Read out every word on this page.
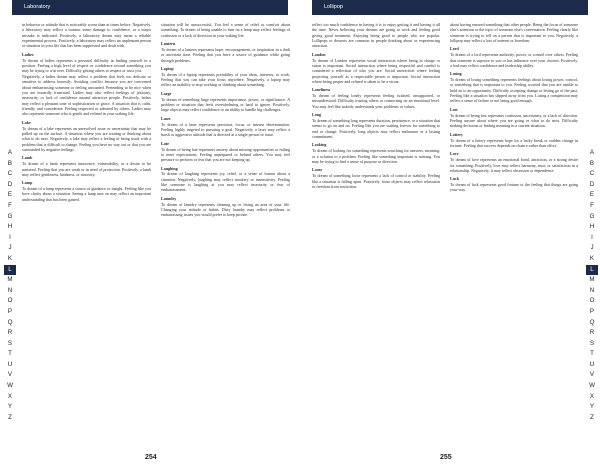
Laboratory
A
B
C
D
E
F
G
H
I
J
K
L
M
N
O
P
Q
R
S
T
U
V
W
X
Y
Z

in behavior or attitude that is noticeably worse than at times before. Negatively, a laboratory may reflect a trauma, some damage to confidence, or a major mistake is indicated. Positively, a laboratory dream may mean a reliable experimental process. Positively, a laboratory may reflect an unpleasant person or situation in your life that has been suppressed and dealt with.

Ladies

To dream of ladies represents a personal difficulty in finding yourself in a position. Feeling a high level of respect or confidence toward something you may be trying to win over. Difficulty getting others to respect or trust you.

Negatively, a ladies dream may reflect a problem that feels too delicate or sensitive to address honestly. Avoiding conflict because you are concerned about embarrassing someone or feeling unwanted. Pretending to be nice when you are inwardly frustrated. Ladies may also reflect feelings of jealousy, insecurity, or lack of confidence around attractive people. Positively, ladies may reflect a pleasant tone of sophistication or grace. A situation that is calm, friendly, and considerate. Feeling respected or admired by others. Ladies may also represent someone who is gentle and refined in your waking life.

Lake

To dream of a lake represents an unresolved issue or uncertainty that may be pulled up on the surface. A situation where you are waiting or thinking about what to do next. Negatively, a lake may reflect a feeling of being stuck with a problem that is difficult to change. Feeling you have no way out or that you are surrounded by negative feelings.

Lamb

To dream of a lamb represents innocence, vulnerability, or a desire to be nurtured. Feeling that you are weak or in need of protection. Positively, a lamb may reflect gentleness, kindness, or sincerity.

Lamp

To dream of a lamp represents a source of guidance or insight. Feeling like you have clarity about a situation. Seeing a lamp turn on may reflect an important understanding that has been gained.

situation will be unsuccessful. You feel a sense of relief or comfort about something. To dream of being unable to turn on a lamp may reflect feelings of confusion or a lack of direction in your waking life.

Lantern

To dream of a lantern represents hope, encouragement, or inspiration in a dark or uncertain time. Feeling that you have a source of guidance while going through problems.

Laptop

To dream of a laptop represents portability of your ideas, interests, or work. Feeling that you can take your focus anywhere. Negatively, a laptop may reflect an inability to stop working or thinking about something.

Large

To dream of something large represents importance, power, or significance. A problem or situation that feels overwhelming or hard to ignore. Positively, large objects may reflect confidence or an ability to handle big challenges.

Laser

To dream of a laser represents precision, focus, or intense determination. Feeling highly targeted in pursuing a goal. Negatively, a laser may reflect a harsh or aggressive attitude that is directed at a single person or issue.

Late

To dream of being late represents anxiety about missing opportunities or failing to meet expectations. Feeling unprepared or behind others. You may feel pressure to perform or fear that you are not keeping up.

Laughing

To dream of laughing represents joy, relief, or a sense of humor about a situation. Negatively, laughing may reflect mockery or insensitivity. Feeling like someone is laughing at you may reflect insecurity or fear of embarrassment.

Laundry

To dream of laundry represents cleaning up or fixing an area of your life. Changing your attitude or habits. Dirty laundry may reflect problems or embarrassing issues you would prefer to keep private.

254
Lollipop
A
B
C
D
E
F
G
H
I
J
K
L
M
N
O
P
Q
R
S
T
U
V
W
X
Y
Z

reflect too much confidence in having it is to enjoy getting it and having it all the time. Never believing your dreams are going to work and feeling good giving good treatment. Enjoying being good to people who are popular. Lollipops or desserts are common in people thinking about or experiencing attraction.

London

To dream of London represents social interaction where being in charge or status is important. Social interaction where being respectful and careful is considered a reflection of who you are. Social interaction where feeling projecting yourself as a respectable person is important. Social interaction where being proper and refined is taken to be a virtue.

Loneliness

To dream of feeling lonely represents feeling isolated, unsupported, or misunderstood. Difficulty trusting others or connecting on an emotional level. You may feel like nobody understands your problems or values.

Long

To dream of something long represents duration, persistence, or a situation that seems to go on and on. Feeling like you are waiting forever for something to end or change. Positively, long objects may reflect endurance or a lasting commitment.

Looking

To dream of looking for something represents searching for answers, meaning, or a solution to a problem. Feeling like something important is missing. You may be trying to find a sense of purpose or direction.

Loose

To dream of something loose represents a lack of control or stability. Feeling like a situation is falling apart. Positively, loose objects may reflect relaxation or freedom from restriction.

about having ensured something that other people. Being the focus of someone else's attention or the topic of someone else's conversation. Feeling clearly like someone is trying to tell on a person that is important to you. Negatively, a lollipop may reflect a loss of interest or boredom.

Lord

To dream of a lord represents authority, power, or control over others. Feeling that someone is superior to you or has influence over your choices. Positively, a lord may reflect confidence and leadership ability.

Losing

To dream of losing something represents feelings about losing power, control, or something that is important to you. Feeling worried that you are unable to hold on to an opportunity. Difficulty accepting change or letting go of the past. Feeling like a situation has slipped away from you. Losing a competition may reflect a sense of failure or not being good enough.

Lost

To dream of being lost represents confusion, uncertainty, or a lack of direction. Feeling unsure about where you are going or what to do next. Difficulty making decisions or finding meaning in a current situation.

Lottery

To dream of a lottery represents hope for a lucky break or sudden change in fortune. Feeling that success depends on chance rather than effort.

Love

To dream of love represents an emotional bond, attraction, or a strong desire for something. Positively, love may reflect harmony, trust, or satisfaction in a relationship. Negatively, it may reflect obsession or dependence.

Luck

To dream of luck represents good fortune or the feeling that things are going your way.

255
